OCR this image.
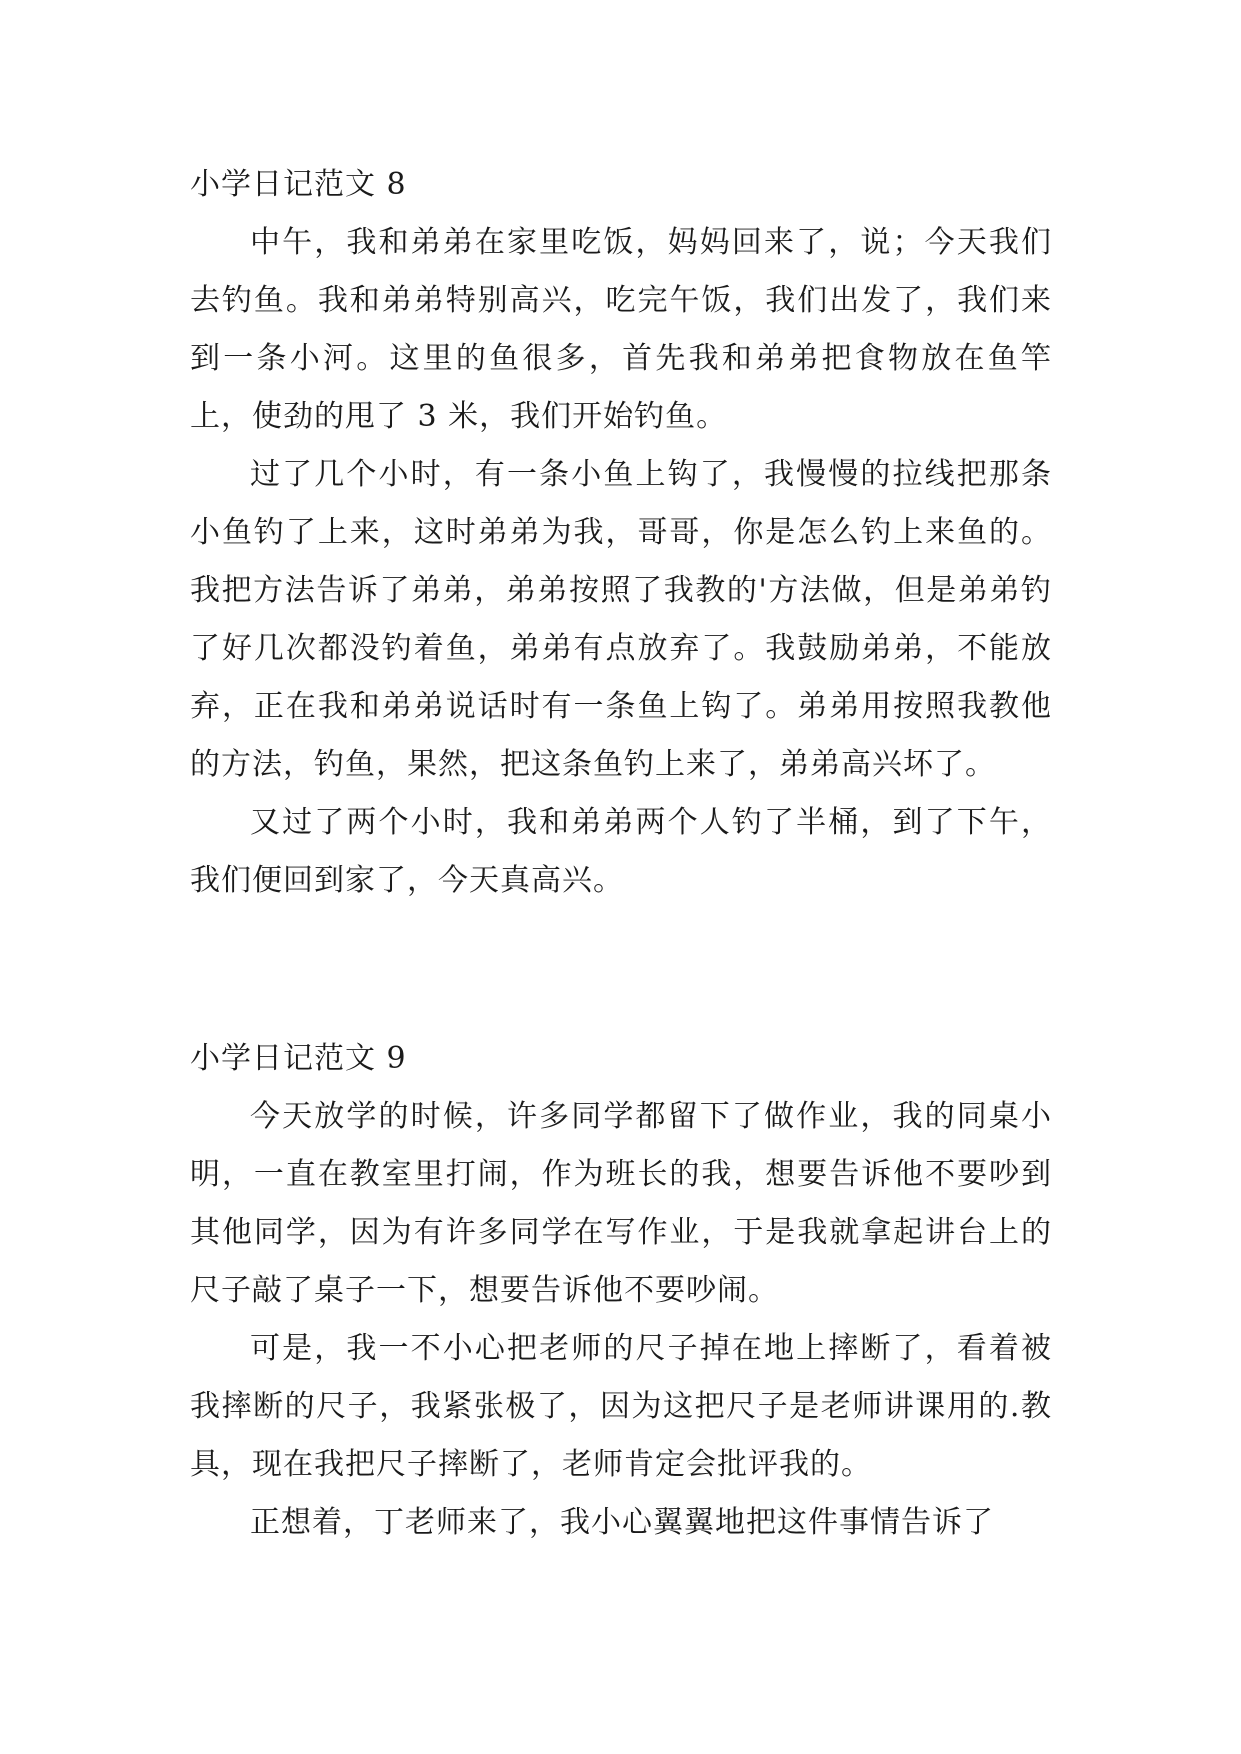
小学日记范文 8

中午，我和弟弟在家里吃饭，妈妈回来了，说；今天我们去钓鱼。我和弟弟特别高兴，吃完午饭，我们出发了，我们来到一条小河。这里的鱼很多，首先我和弟弟把食物放在鱼竿上，使劲的甩了 3 米，我们开始钓鱼。

过了几个小时，有一条小鱼上钩了，我慢慢的拉线把那条小鱼钓了上来，这时弟弟为我，哥哥，你是怎么钓上来鱼的。我把方法告诉了弟弟，弟弟按照了我教的'方法做，但是弟弟钓了好几次都没钓着鱼，弟弟有点放弃了。我鼓励弟弟，不能放弃，正在我和弟弟说话时有一条鱼上钩了。弟弟用按照我教他的方法，钓鱼，果然，把这条鱼钓上来了，弟弟高兴坏了。

又过了两个小时，我和弟弟两个人钓了半桶，到了下午，我们便回到家了，今天真高兴。

小学日记范文 9

今天放学的时候，许多同学都留下了做作业，我的同桌小明，一直在教室里打闹，作为班长的我，想要告诉他不要吵到其他同学，因为有许多同学在写作业，于是我就拿起讲台上的尺子敲了桌子一下，想要告诉他不要吵闹。

可是，我一不小心把老师的尺子掉在地上摔断了，看着被我摔断的尺子，我紧张极了，因为这把尺子是老师讲课用的.教具，现在我把尺子摔断了，老师肯定会批评我的。

正想着，丁老师来了，我小心翼翼地把这件事情告诉了
